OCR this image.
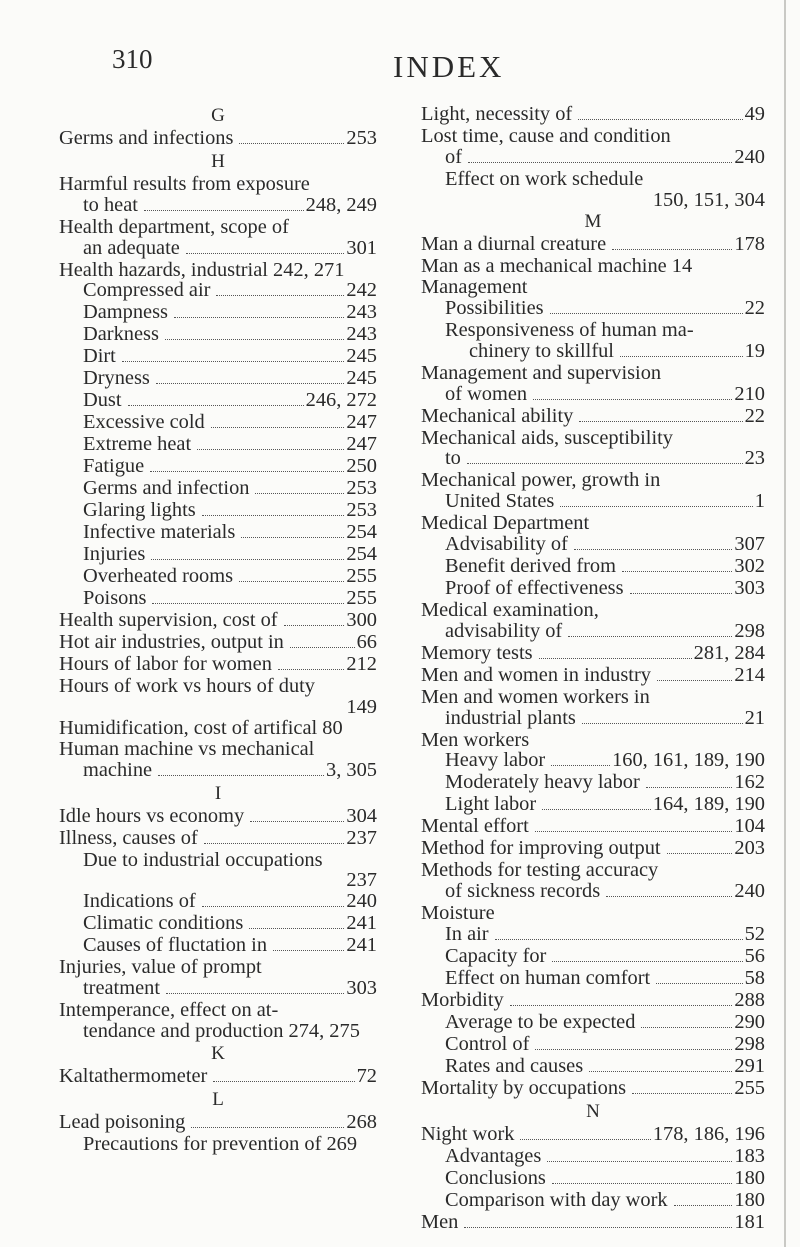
310	INDEX
G
Germs and infections	253
H
Harmful results from exposure
to heat	248, 249
Health department, scope of
an adequate	301
Health hazards, industrial 242, 271
Compressed air	242
Dampness	243
Darkness	243
Dirt	245
Dryness	245
Dust	246, 272
Excessive cold	247
Extreme heat	247
Fatigue	250
Germs and infection	253
Glaring lights	253
Infective materials	254
Injuries	254
Overheated rooms	255
Poisons	255
Health supervision, cost of	300
Hot air industries, output in	66
Hours of labor for women	212
Hours of work vs hours of duty
149
Humidification, cost of artifical 80
Human machine vs mechanical
machine	3, 305
I
Idle hours vs economy	304
Illness, causes of	237
Due to industrial occupations
237
Indications of	240
Climatic conditions	241
Causes of fluctation in	241
Injuries, value of prompt
treatment	303
Intemperance, effect on at-
tendance and production 274, 275
K
Kaltathermometer	72
L
Lead poisoning	268
Precautions for prevention of 269
Light, necessity of	49
Lost time, cause and condition
of	240
Effect on work schedule
150, 151, 304
M
Man a diurnal creature	178
Man as a mechanical machine 14
Management
Possibilities	22
Responsiveness of human ma-
chinery to skillful	19
Management and supervision
of women	210
Mechanical ability	22
Mechanical aids, susceptibility
to	23
Mechanical power, growth in
United States	1
Medical Department
Advisability of	307
Benefit derived from	302
Proof of effectiveness	303
Medical examination,
advisability of	298
Memory tests	281, 284
Men and women in industry	214
Men and women workers in
industrial plants	21
Men workers
Heavy labor	160, 161, 189, 190
Moderately heavy labor	162
Light labor	164, 189, 190
Mental effort	104
Method for improving output	203
Methods for testing accuracy
of sickness records	240
Moisture
In air	52
Capacity for	56
Effect on human comfort	58
Morbidity	288
Average to be expected	290
Control of	298
Rates and causes	291
Mortality by occupations	255
N
Night work	178, 186, 196
Advantages	183
Conclusions	180
Comparison with day work	180
Men	181
